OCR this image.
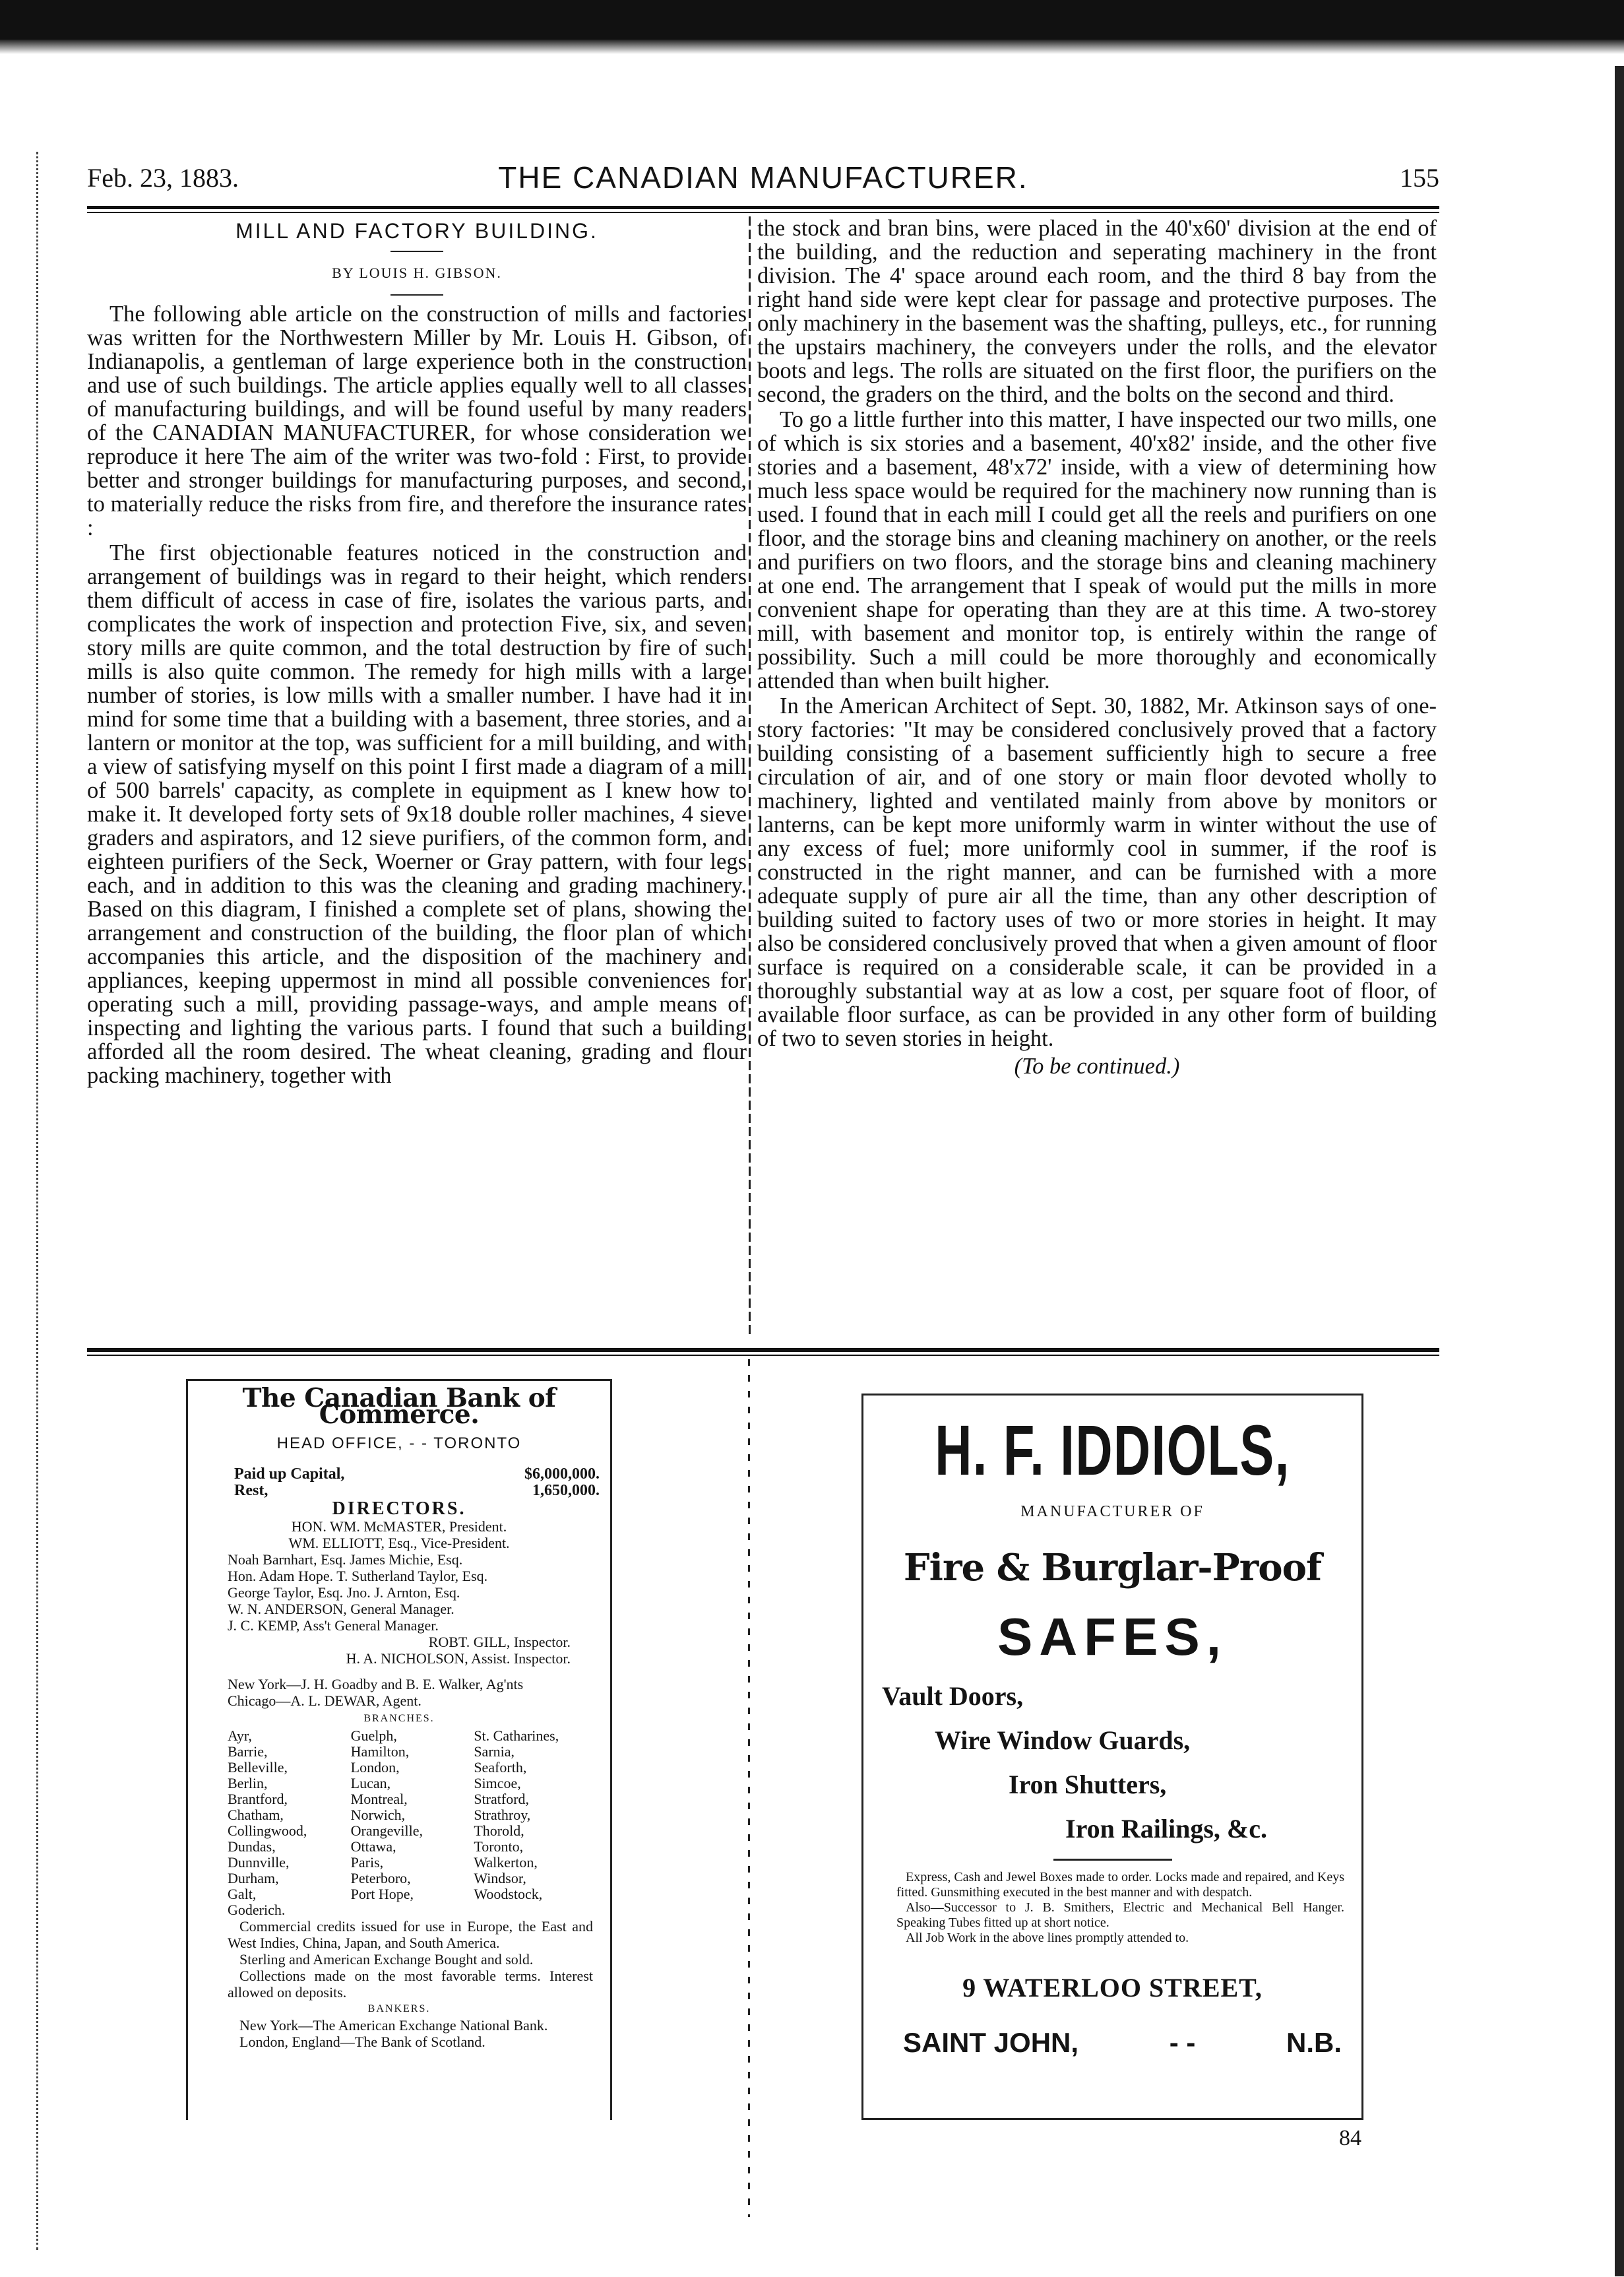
Feb. 23, 1883.	THE CANADIAN MANUFACTURER.	155
MILL AND FACTORY BUILDING.
BY LOUIS H. GIBSON.

The following able article on the construction of mills and factories was written for the Northwestern Miller by Mr. Louis H. Gibson, of Indianapolis, a gentleman of large experience both in the construction and use of such buildings. The article applies equally well to all classes of manufacturing buildings, and will be found useful by many readers of the CANADIAN MANUFACTURER, for whose consideration we reproduce it here The aim of the writer was two-fold : First, to provide better and stronger buildings for manufacturing purposes, and second, to materially reduce the risks from fire, and therefore the insurance rates :

The first objectionable features noticed in the construction and arrangement of buildings was in regard to their height, which renders them difficult of access in case of fire, isolates the various parts, and complicates the work of inspection and protection Five, six, and seven story mills are quite common, and the total destruction by fire of such mills is also quite common. The remedy for high mills with a large number of stories, is low mills with a smaller number. I have had it in mind for some time that a building with a basement, three stories, and a lantern or monitor at the top, was sufficient for a mill building, and with a view of satisfying myself on this point I first made a diagram of a mill of 500 barrels' capacity, as complete in equipment as I knew how to make it. It developed forty sets of 9x18 double roller machines, 4 sieve graders and aspirators, and 12 sieve purifiers, of the common form, and eighteen purifiers of the Seck, Woerner or Gray pattern, with four legs each, and in addition to this was the cleaning and grading machinery. Based on this diagram, I finished a complete set of plans, showing the arrangement and construction of the building, the floor plan of which accompanies this article, and the disposition of the machinery and appliances, keeping uppermost in mind all possible conveniences for operating such a mill, providing passage-ways, and ample means of inspecting and lighting the various parts. I found that such a building afforded all the room desired. The wheat cleaning, grading and flour packing machinery, together with

the stock and bran bins, were placed in the 40'x60' division at the end of the building, and the reduction and seperating machinery in the front division. The 4' space around each room, and the third 8 bay from the right hand side were kept clear for passage and protective purposes. The only machinery in the basement was the shafting, pulleys, etc., for running the upstairs machinery, the conveyers under the rolls, and the elevator boots and legs. The rolls are situated on the first floor, the purifiers on the second, the graders on the third, and the bolts on the second and third.

To go a little further into this matter, I have inspected our two mills, one of which is six stories and a basement, 40'x82' inside, and the other five stories and a basement, 48'x72' inside, with a view of determining how much less space would be required for the machinery now running than is used. I found that in each mill I could get all the reels and purifiers on one floor, and the storage bins and cleaning machinery on another, or the reels and purifiers on two floors, and the storage bins and cleaning machinery at one end. The arrangement that I speak of would put the mills in more convenient shape for operating than they are at this time. A two-storey mill, with basement and monitor top, is entirely within the range of possibility. Such a mill could be more thoroughly and economically attended than when built higher.

In the American Architect of Sept. 30, 1882, Mr. Atkinson says of one-story factories: "It may be considered conclusively proved that a factory building consisting of a basement sufficiently high to secure a free circulation of air, and of one story or main floor devoted wholly to machinery, lighted and ventilated mainly from above by monitors or lanterns, can be kept more uniformly warm in winter without the use of any excess of fuel; more uniformly cool in summer, if the roof is constructed in the right manner, and can be furnished with a more adequate supply of pure air all the time, than any other description of building suited to factory uses of two or more stories in height. It may also be considered conclusively proved that when a given amount of floor surface is required on a considerable scale, it can be provided in a thoroughly substantial way at as low a cost, per square foot of floor, of available floor surface, as can be provided in any other form of building of two to seven stories in height.

(To be continued.)
The Canadian Bank of Commerce.
HEAD OFFICE, - - TORONTO
Paid up Capital,	$6,000,000.
Rest,	1,650,000.
DIRECTORS.
HON. WM. McMASTER, President.
WM. ELLIOTT, Esq., Vice-President.
Noah Barnhart, Esq. James Michie, Esq.
Hon. Adam Hope. T. Sutherland Taylor, Esq.
George Taylor, Esq. Jno. J. Arnton, Esq.
W. N. ANDERSON, General Manager.
J. C. KEMP, Ass't General Manager.
ROBT. GILL, Inspector.
H. A. NICHOLSON, Assist. Inspector.
New York—J. H. Goadby and B. E. Walker, Ag'nts
Chicago—A. L. DEWAR, Agent.
BRANCHES.
Ayr,	Guelph,	St. Catharines,
Barrie,	Hamilton,	Sarnia,
Belleville,	London,	Seaforth,
Berlin,	Lucan,	Simcoe,
Brantford,	Montreal,	Stratford,
Chatham,	Norwich,	Strathroy,
Collingwood,	Orangeville,	Thorold,
Dundas,	Ottawa,	Toronto,
Dunnville,	Paris,	Walkerton,
Durham,	Peterboro,	Windsor,
Galt,	Port Hope,	Woodstock,
Goderich.		
Commercial credits issued for use in Europe, the East and West Indies, China, Japan, and South America.
Sterling and American Exchange Bought and sold.
Collections made on the most favorable terms. Interest allowed on deposits.
BANKERS.
New York—The American Exchange National Bank.
London, England—The Bank of Scotland.
H. F. IDDIOLS,
MANUFACTURER OF
Fire & Burglar-Proof
SAFES,
Vault Doors,
Wire Window Guards,
Iron Shutters,
Iron Railings, &c.
Express, Cash and Jewel Boxes made to order. Locks made and repaired, and Keys fitted. Gunsmithing executed in the best manner and with despatch.
Also—Successor to J. B. Smithers, Electric and Mechanical Bell Hanger. Speaking Tubes fitted up at short notice.
All Job Work in the above lines promptly attended to.
9 WATERLOO STREET,
SAINT JOHN,	- -	N.B.
84
